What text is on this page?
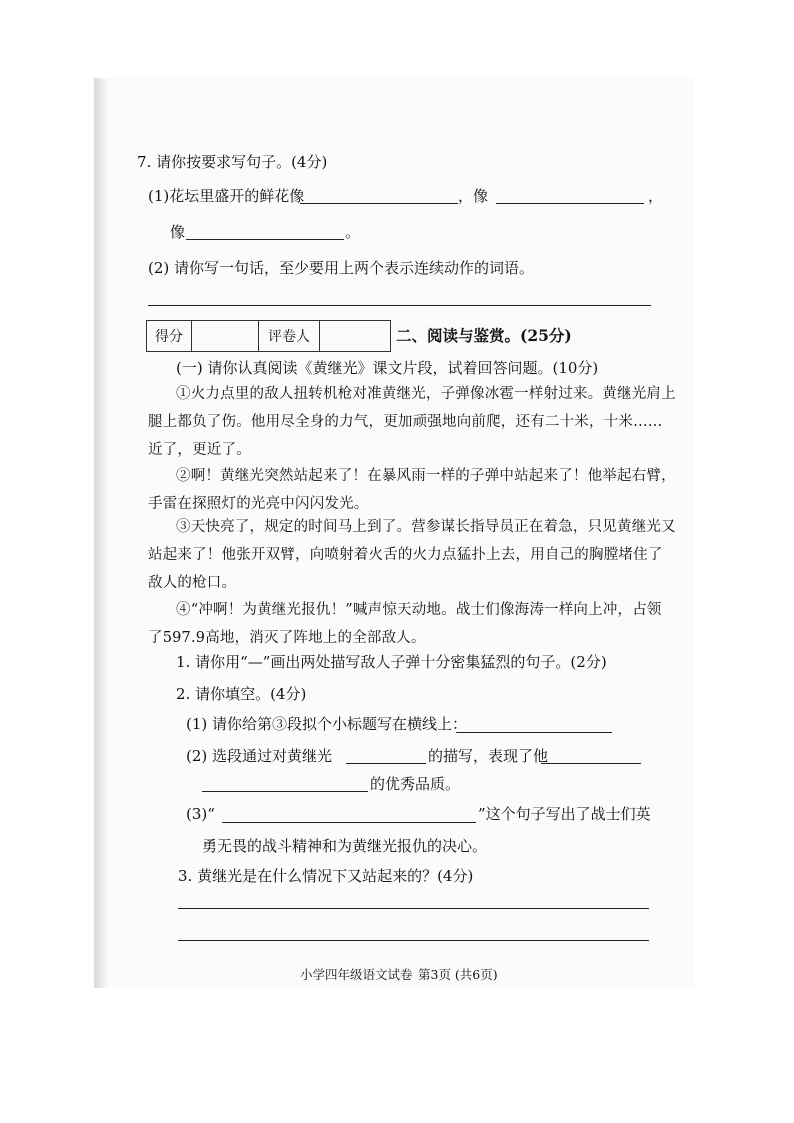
7. 请你按要求写句子。(4分)
(1)花坛里盛开的鲜花像	，像	，
像	。
(2) 请你写一句话，至少要用上两个表示连续动作的词语。
得分		评卷人		二、阅读与鉴赏。(25分)
(一) 请你认真阅读《黄继光》课文片段，试着回答问题。(10分)
①火力点里的敌人扭转机枪对准黄继光，子弹像冰雹一样射过来。黄继光肩上
腿上都负了伤。他用尽全身的力气，更加顽强地向前爬，还有二十米，十米……
近了，更近了。
②啊！黄继光突然站起来了！在暴风雨一样的子弹中站起来了！他举起右臂，
手雷在探照灯的光亮中闪闪发光。
③天快亮了，规定的时间马上到了。营参谋长指导员正在着急，只见黄继光又
站起来了！他张开双臂，向喷射着火舌的火力点猛扑上去，用自己的胸膛堵住了
敌人的枪口。
④“冲啊！为黄继光报仇！”喊声惊天动地。战士们像海涛一样向上冲，占领
了597.9高地，消灭了阵地上的全部敌人。
1. 请你用“—”画出两处描写敌人子弹十分密集猛烈的句子。(2分)
2. 请你填空。(4分)
(1) 请你给第③段拟个小标题写在横线上：
(2) 选段通过对黄继光	的描写，表现了他
的优秀品质。
(3)“	”这个句子写出了战士们英
勇无畏的战斗精神和为黄继光报仇的决心。
3. 黄继光是在什么情况下又站起来的？(4分)
小学四年级语文试卷 第3页 (共6页)
